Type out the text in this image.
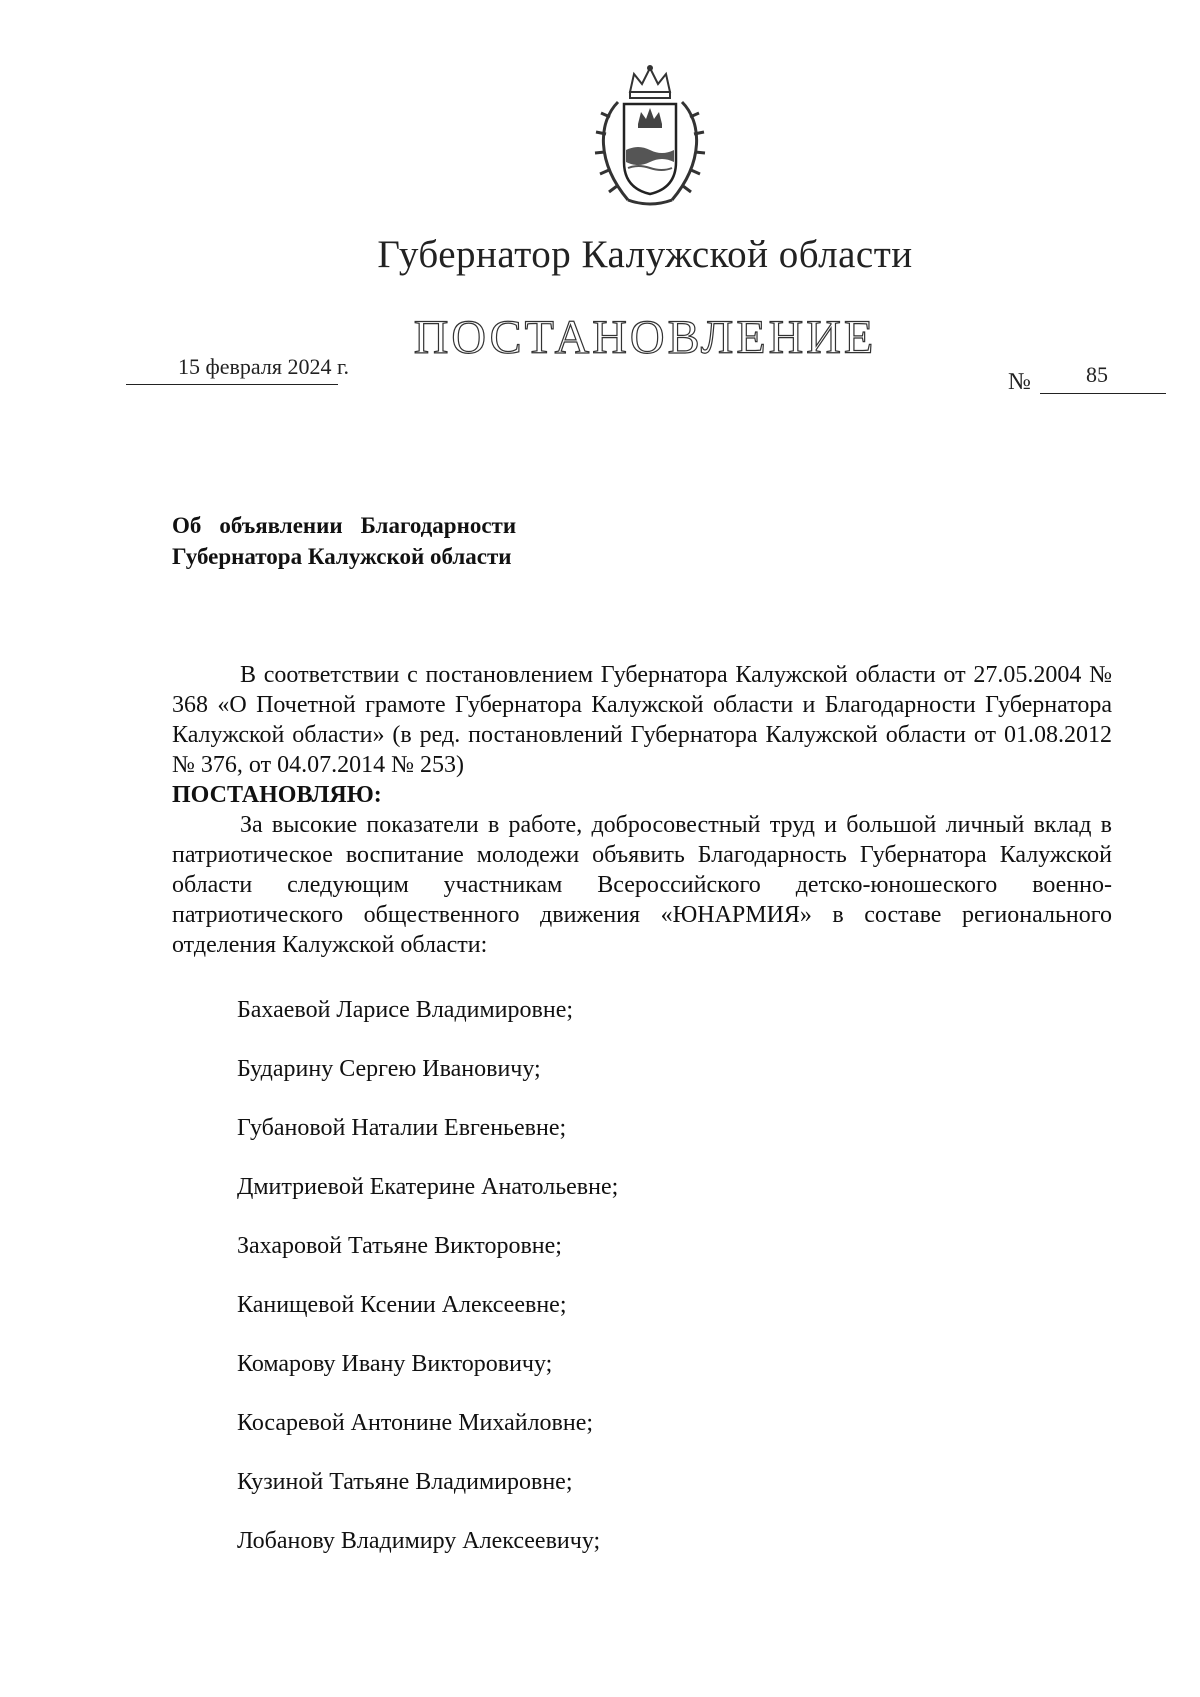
Губернатор Калужской области
ПОСТАНОВЛЕНИЕ
15 февраля 2024 г.
№	85
Об объявлении Благодарности
Губернатора Калужской области

В соответствии с постановлением Губернатора Калужской области от 27.05.2004 № 368 «О Почетной грамоте Губернатора Калужской области и Благодарности Губернатора Калужской области» (в ред. постановлений Губернатора Калужской области от 01.08.2012 № 376, от 04.07.2014 № 253)

ПОСТАНОВЛЯЮ:

За высокие показатели в работе, добросовестный труд и большой личный вклад в патриотическое воспитание молодежи объявить Благодарность Губернатора Калужской области следующим участникам Всероссийского детско-юношеского военно-патриотического общественного движения «ЮНАРМИЯ» в составе регионального отделения Калужской области:

Бахаевой Ларисе Владимировне;
Бударину Сергею Ивановичу;
Губановой Наталии Евгеньевне;
Дмитриевой Екатерине Анатольевне;
Захаровой Татьяне Викторовне;
Канищевой Ксении Алексеевне;
Комарову Ивану Викторовичу;
Косаревой Антонине Михайловне;
Кузиной Татьяне Владимировне;
Лобанову Владимиру Алексеевичу;
